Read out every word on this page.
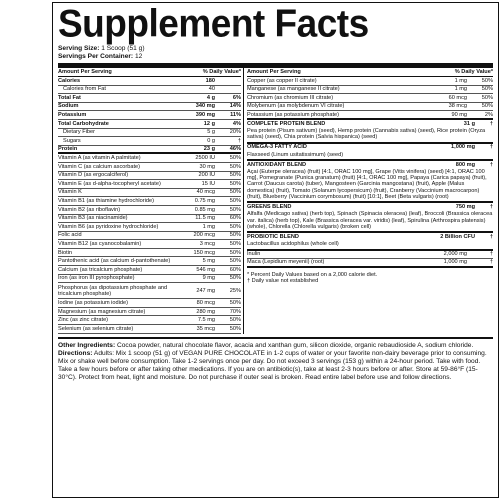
Supplement Facts
Serving Size: 1 Scoop (51 g)
Servings Per Container: 12
Amount Per Serving	% Daily Value*
Calories	180
Calories from Fat	40
Total Fat	4 g	6%
Sodium	340 mg	14%
Potassium	390 mg	11%
Total Carbohydrate	12 g	4%
Dietary Fiber	5 g	20%
Sugars	0 g	†
Protein	23 g	46%
Vitamin A (as vitamin A palmitate)	2500 IU	50%
Vitamin C (as calcium ascorbate)	30 mg	50%
Vitamin D (as ergocalciferol)	200 IU	50%
Vitamin E (as d-alpha-tocopheryl acetate)	15 IU	50%
Vitamin K	40 mcg	50%
Vitamin B1 (as thiamine hydrochloride)	0.75 mg	50%
Vitamin B2 (as riboflavin)	0.85 mg	50%
Vitamin B3 (as niacinamide)	11.5 mg	60%
Vitamin B6 (as pyridoxine hydrochloride)	1 mg	50%
Folic acid	200 mcg	50%
Vitamin B12 (as cyanocobalamin)	3 mcg	50%
Biotin	150 mcg	50%
Pantothenic acid (as calcium d-pantothenate)	5 mg	50%
Calcium (as tricalcium phosphate)	546 mg	60%
Iron (as iron III pyrophosphate)	9 mg	50%
Phosphorus (as dipotassium phosphate and tricalcium phosphate)
247 mg	25%
Iodine (as potassium iodide)	80 mcg	50%
Magnesium (as magnesium citrate)	280 mg	70%
Zinc (as zinc citrate)	7.5 mg	50%
Selenium (as selenium citrate)	35 mcg	50%
Amount Per Serving	% Daily Value*
Copper (as copper II citrate)	1 mg	50%
Manganese (as manganese II citrate)	1 mg	50%
Chromium (as chromium III citrate)	60 mcg	50%
Molybenum (as molybdenum VI citrate)	38 mcg	50%
Potassium (as potassium phosphate)	90 mg	2%
COMPLETE PROTEIN BLEND	31 g	†
Pea protein (Pisum sativum) (seed), Hemp protein (Cannabis sativa) (seed), Rice protein (Oryza sativa) (seed), Chia protein (Salvia hispanica) (seed)
OMEGA-3 FATTY ACID	1,000 mg	†
Flaxseed (Linum usitatissimum) (seed)
ANTIOXIDANT BLEND	800 mg	†
Açai (Euterpe oleracea) (fruit) [4:1, ORAC 100 mg], Grape (Vitis vinifera) (seed) [4:1, ORAC 100 mg], Pomegranate (Punica granatum) (fruit) [4:1, ORAC 100 mg], Papaya (Carica papaya) (fruit), Carrot (Daucus carota) (tuber), Mangosteen (Garcinia mangostana) (fruit), Apple (Malus domestica) (fruit), Tomato (Solanum lycopersicum) (fruit), Cranberry (Vaccinium macrocarpon) (fruit), Blueberry (Vaccinium corymbosum) (fruit) [10:1], Beet (Beta vulgaris) (root)
GREENS BLEND	750 mg	†
Alfalfa (Medicago sativa) (herb top), Spinach (Spinacia oleracea) (leaf), Broccoli (Brassica oleracea var. italica) (herb top), Kale (Brassica oleracea var. viridis) (leaf), Spirulina (Arthrospira platensis) (whole), Chlorella (Chlorella vulgaris) (broken cell)
PROBIOTIC BLEND	2 Billion CFU	†
Lactobacillus acidophilus (whole cell)
Inulin	2,000 mg	†
Maca (Lepidium meyenii) (root)	1,000 mg	†
* Percent Daily Values based on a 2,000 calorie diet.
† Daily value not established
Other Ingredients: Cocoa powder, natural chocolate flavor, acacia and xanthan gum, silicon dioxide, organic rebaudioside A, sodium chloride.
Directions: Adults: Mix 1 scoop (51 g) of VEGAN PURE CHOCOLATE in 1-2 cups of water or your favorite non-dairy beverage prior to consuming. Mix or shake well before consumption. Take 1-2 servings once per day. Do not exceed 3 servings (153 g) within a 24-hour period. Take with food. Take a few hours before or after taking other medications. If you are on antibiotic(s), take at least 2-3 hours before or after. Store at 59-86°F (15-30°C). Protect from heat, light and moisture. Do not purchase if outer seal is broken. Read entire label before use and follow directions.
